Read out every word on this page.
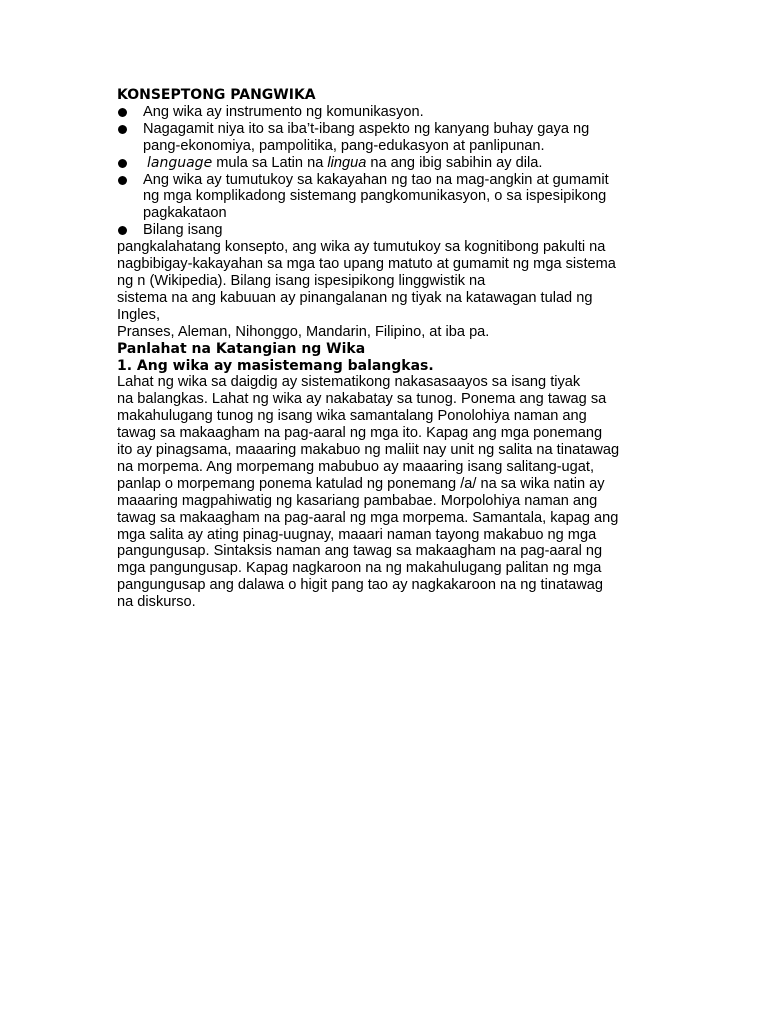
KONSEPTONG PANGWIKA
Ang wika ay instrumento ng komunikasyon.
Nagagamit niya ito sa iba’t-ibang aspekto ng kanyang buhay gaya ng
pang-ekonomiya, pampolitika, pang-edukasyon at panlipunan.
language mula sa Latin na lingua na ang ibig sabihin ay dila.
Ang wika ay tumutukoy sa kakayahan ng tao na mag-angkin at gumamit
ng mga komplikadong sistemang pangkomunikasyon, o sa ispesipikong
pagkakataon
Bilang isang
pangkalahatang konsepto, ang wika ay tumutukoy sa kognitibong pakulti na
nagbibigay-kakayahan sa mga tao upang matuto at gumamit ng mga sistema
ng n (Wikipedia). Bilang isang ispesipikong linggwistik na
sistema na ang kabuuan ay pinangalanan ng tiyak na katawagan tulad ng
Ingles,
Pranses, Aleman, Nihonggo, Mandarin, Filipino, at iba pa.
Panlahat na Katangian ng Wika
1. Ang wika ay masistemang balangkas.
Lahat ng wika sa daigdig ay sistematikong nakasasaayos sa isang tiyak
na balangkas. Lahat ng wika ay nakabatay sa tunog. Ponema ang tawag sa
makahulugang tunog ng isang wika samantalang Ponolohiya naman ang
tawag sa makaagham na pag-aaral ng mga ito. Kapag ang mga ponemang
ito ay pinagsama, maaaring makabuo ng maliit nay unit ng salita na tinatawag
na morpema. Ang morpemang mabubuo ay maaaring isang salitang-ugat,
panlap o morpemang ponema katulad ng ponemang /a/ na sa wika natin ay
maaaring magpahiwatig ng kasariang pambabae. Morpolohiya naman ang
tawag sa makaagham na pag-aaral ng mga morpema. Samantala, kapag ang
mga salita ay ating pinag-uugnay, maaari naman tayong makabuo ng mga
pangungusap. Sintaksis naman ang tawag sa makaagham na pag-aaral ng
mga pangungusap. Kapag nagkaroon na ng makahulugang palitan ng mga
pangungusap ang dalawa o higit pang tao ay nagkakaroon na ng tinatawag
na diskurso.
